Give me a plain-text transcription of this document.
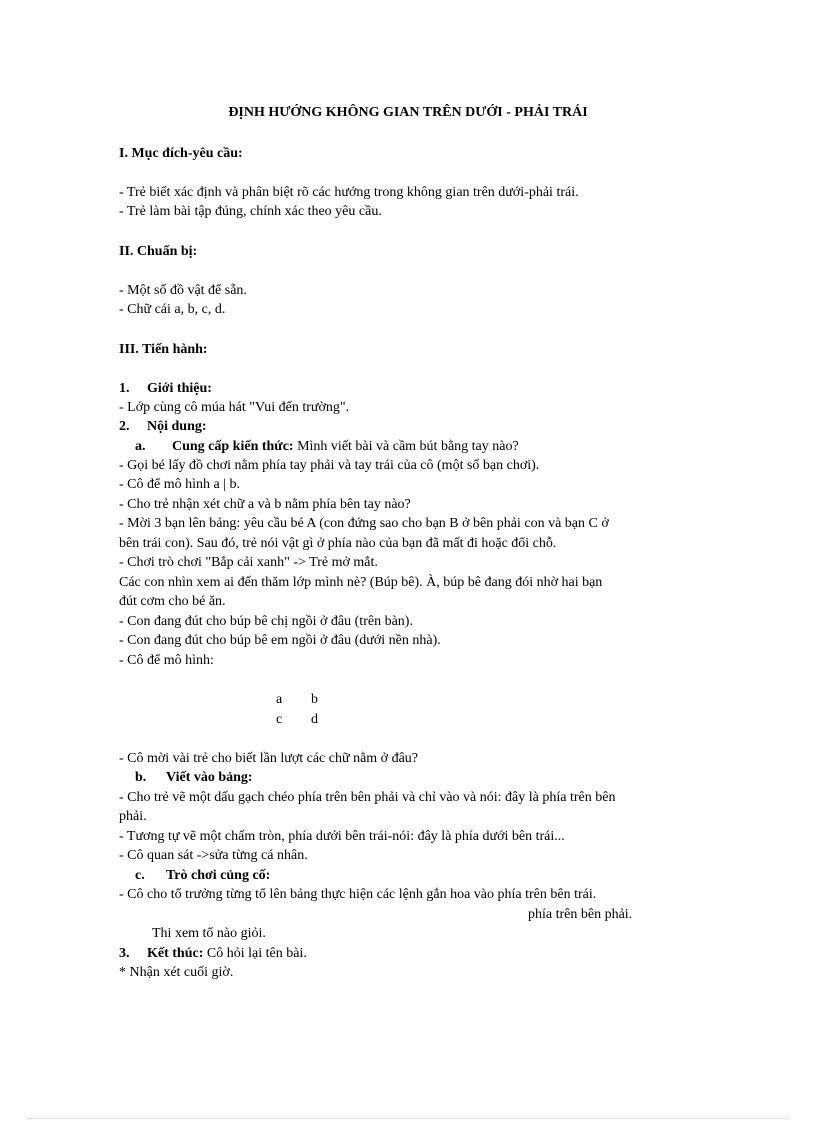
ĐỊNH HƯỚNG KHÔNG GIAN TRÊN DƯỚI - PHẢI TRÁI
I. Mục đích-yêu cầu:
- Trẻ biết xác định và phân biệt rõ các hướng trong không gian trên dưới-phải trái.
- Trẻ làm bài tập đúng, chính xác theo yêu cầu.
II. Chuẩn bị:
- Một số đồ vật để sẵn.
- Chữ cái a, b, c, d.
III. Tiến hành:
1. Giới thiệu:
- Lớp cùng cô múa hát "Vui đến trường".
2. Nội dung:
a. Cung cấp kiến thức: Mình viết bài và cầm bút bằng tay nào?
- Gọi bé lấy đồ chơi nằm phía tay phải và tay trái của cô (một số bạn chơi).
- Cô để mô hình a | b.
- Cho trẻ nhận xét chữ a và b nằm phía bên tay nào?
- Mời 3 bạn lên bảng: yêu cầu bé A (con đứng sao cho bạn B ở bên phải con và bạn C ở
bên trái con). Sau đó, trẻ nói vật gì ở phía nào của bạn đã mất đi hoặc đổi chỗ.
- Chơi trò chơi "Bắp cải xanh" -> Trẻ mở mắt.
Các con nhìn xem ai đến thăm lớp mình nè? (Búp bê). À, búp bê đang đói nhờ hai bạn
đút cơm cho bé ăn.
- Con đang đút cho búp bê chị ngồi ở đâu (trên bàn).
- Con đang đút cho búp bê em ngồi ở đâu (dưới nền nhà).
- Cô để mô hình:
a b
c d
- Cô mời vài trẻ cho biết lần lượt các chữ nằm ở đâu?
b. Viết vào bảng:
- Cho trẻ vẽ một dấu gạch chéo phía trên bên phải và chỉ vào và nói: đây là phía trên bên
phải.
- Tương tự vẽ một chấm tròn, phía dưới bên trái-nói: đây là phía dưới bên trái...
- Cô quan sát ->sửa từng cá nhân.
c. Trò chơi củng cố:
- Cô cho tổ trưởng từng tổ lên bảng thực hiện các lệnh gắn hoa vào phía trên bên trái.
phía trên bên phải.
Thi xem tổ nào giỏi.
3. Kết thúc: Cô hỏi lại tên bài.
* Nhận xét cuối giờ.
